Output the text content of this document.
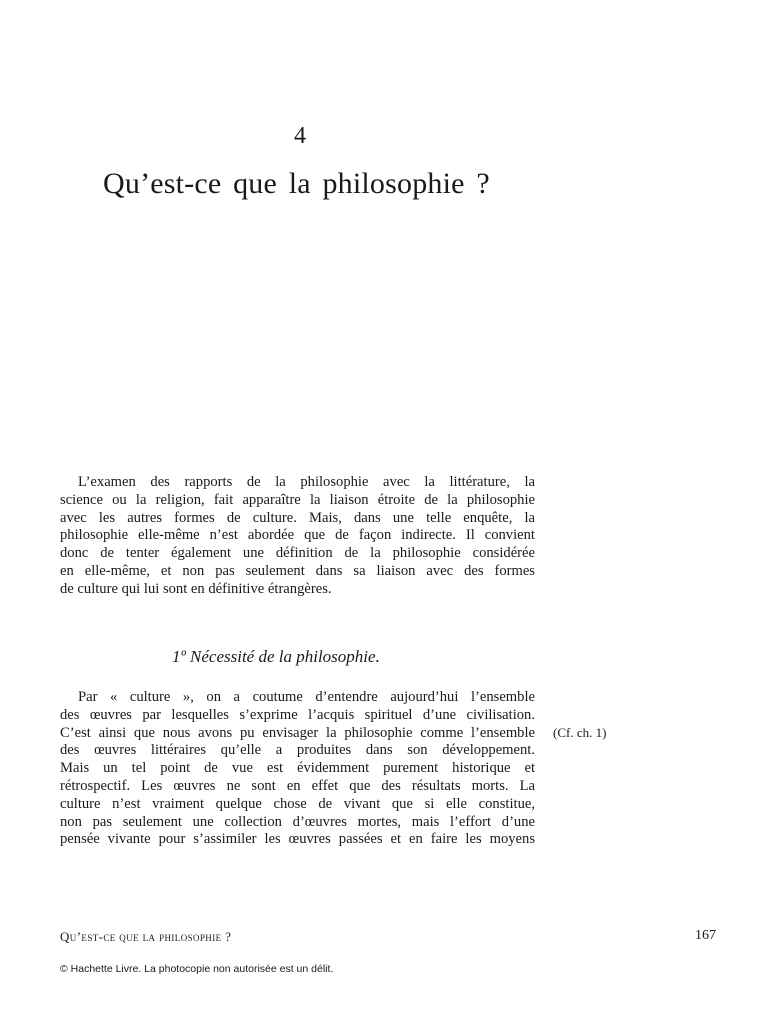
4
Qu’est-ce que la philosophie ?

L’examen des rapports de la philosophie avec la littérature, la
science ou la religion, fait apparaître la liaison étroite de la philosophie
avec les autres formes de culture. Mais, dans une telle enquête, la
philosophie elle-même n’est abordée que de façon indirecte. Il convient
donc de tenter également une définition de la philosophie considérée
en elle-même, et non pas seulement dans sa liaison avec des formes
de culture qui lui sont en définitive étrangères.

1º Nécessité de la philosophie.

Par « culture », on a coutume d’entendre aujourd’hui l’ensemble
des œuvres par lesquelles s’exprime l’acquis spirituel d’une civilisation.
C’est ainsi que nous avons pu envisager la philosophie comme l’ensemble
des œuvres littéraires qu’elle a produites dans son développement.
Mais un tel point de vue est évidemment purement historique et
rétrospectif. Les œuvres ne sont en effet que des résultats morts. La
culture n’est vraiment quelque chose de vivant que si elle constitue,
non pas seulement une collection d’œuvres mortes, mais l’effort d’une
pensée vivante pour s’assimiler les œuvres passées et en faire les moyens

(Cf. ch. 1)
Qu’est-ce que la philosophie ?	167
© Hachette Livre. La photocopie non autorisée est un délit.
